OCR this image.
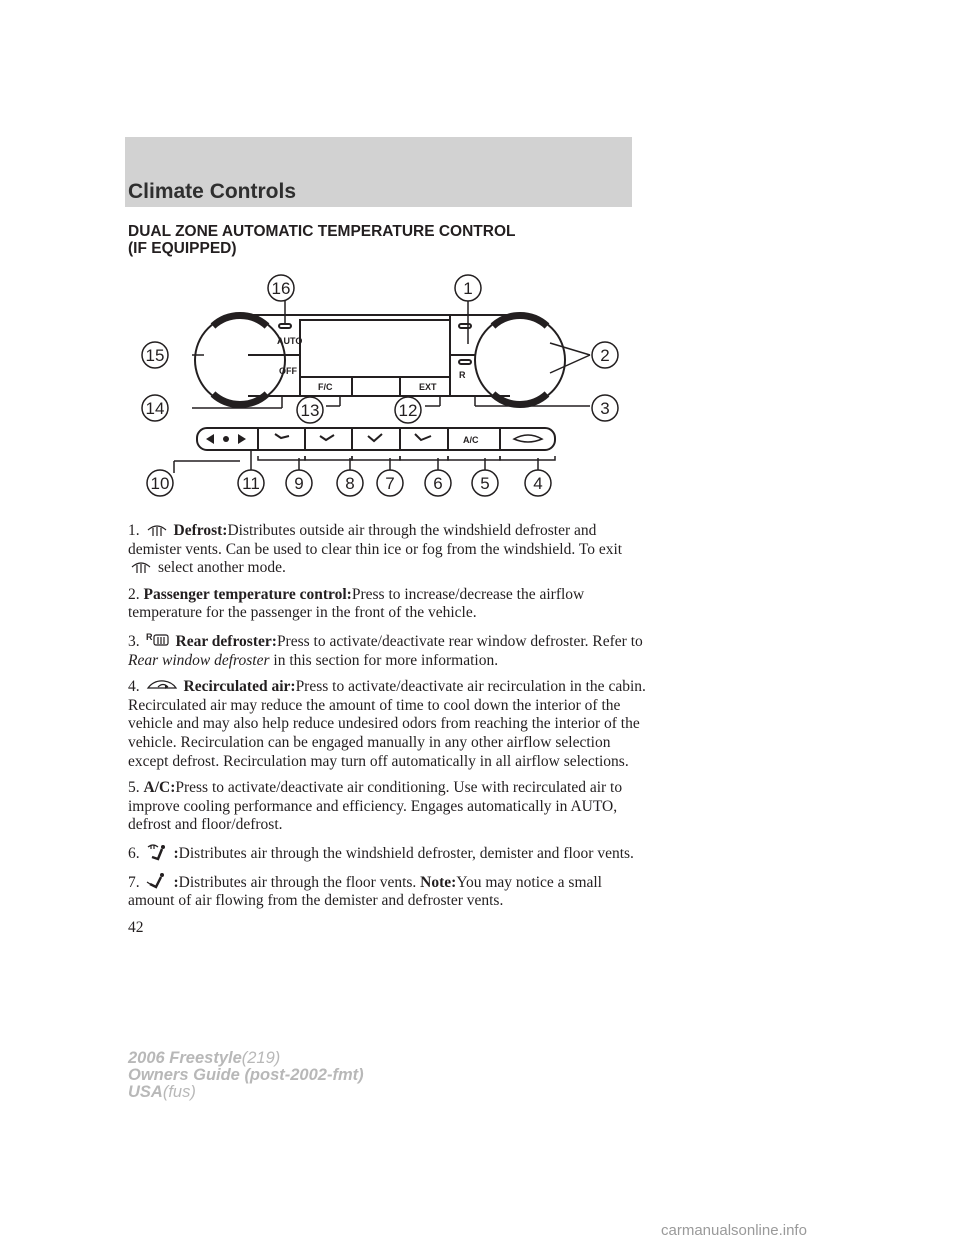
Climate Controls
DUAL ZONE AUTOMATIC TEMPERATURE CONTROL
(IF EQUIPPED)
AUTO
OFF
F/C	EXT
A/C
R
16	1
15	2
14	13	12	3
10	11 9 8 7 6 5	4
1. Defrost:Distributes outside air through the windshield defroster and demister vents. Can be used to clear thin ice or fog from the windshield. To exit select another mode.
2. Passenger temperature control:Press to increase/decrease the airflow temperature for the passenger in the front of the vehicle.
3. R Rear defroster:Press to activate/deactivate rear window defroster. Refer to Rear window defroster in this section for more information.
4.	Recirculated air:Press to activate/deactivate air recirculation in the cabin. Recirculated air may reduce the amount of time to cool down the interior of the vehicle and may also help reduce undesired odors from reaching the interior of the vehicle. Recirculation can be engaged manually in any other airflow selection except defrost. Recirculation may turn off automatically in all airflow selections.
5. A/C:Press to activate/deactivate air conditioning. Use with recirculated air to improve cooling performance and efficiency. Engages automatically in AUTO, defrost and floor/defrost.
6. :Distributes air through the windshield defroster, demister and floor vents.
7. :Distributes air through the floor vents. Note:You may notice a small amount of air flowing from the demister and defroster vents.
42
2006 Freestyle(219)
Owners Guide (post-2002-fmt)
USA(fus)
carmanualsonline.info
